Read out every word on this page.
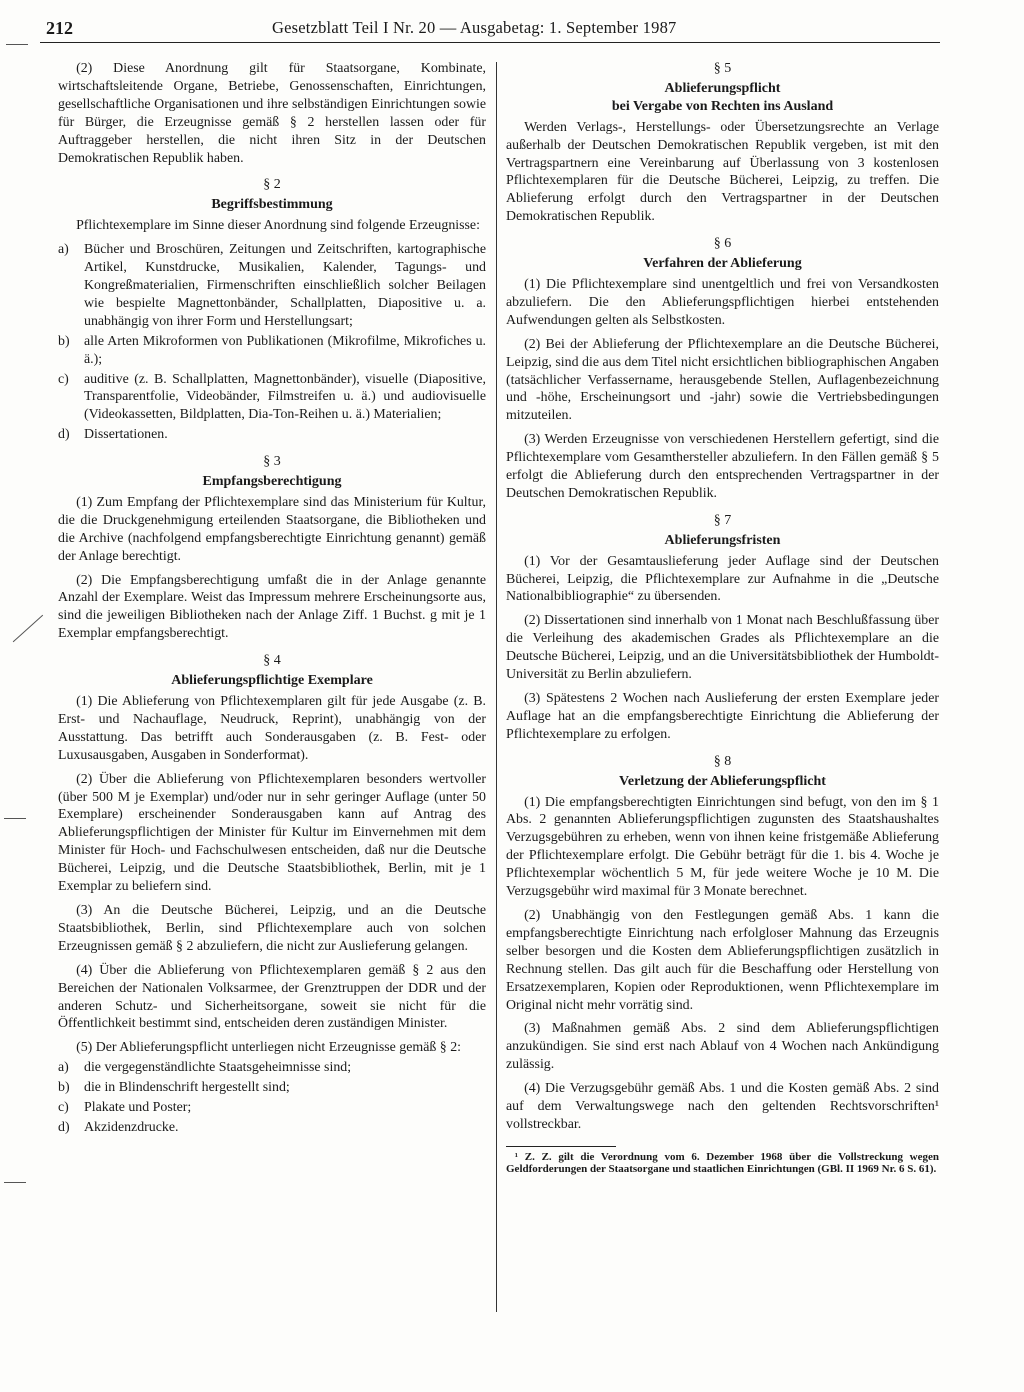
212	Gesetzblatt Teil I Nr. 20 — Ausgabetag: 1. September 1987

(2) Diese Anordnung gilt für Staatsorgane, Kombinate, wirtschaftsleitende Organe, Betriebe, Genossenschaften, Einrichtungen, gesellschaftliche Organisationen und ihre selbständigen Einrichtungen sowie für Bürger, die Erzeugnisse gemäß § 2 herstellen lassen oder für Auftraggeber herstellen, die nicht ihren Sitz in der Deutschen Demokratischen Republik haben.

§ 2
Begriffsbestimmung

Pflichtexemplare im Sinne dieser Anordnung sind folgende Erzeugnisse:

a) Bücher und Broschüren, Zeitungen und Zeitschriften, kartographische Artikel, Kunstdrucke, Musikalien, Kalender, Tagungs- und Kongreßmaterialien, Firmenschriften einschließlich solcher Beilagen wie bespielte Magnettonbänder, Schallplatten, Diapositive u. a. unabhängig von ihrer Form und Herstellungsart;
b) alle Arten Mikroformen von Publikationen (Mikrofilme, Mikrofiches u. ä.);
c) auditive (z. B. Schallplatten, Magnettonbänder), visuelle (Diapositive, Transparentfolie, Videobänder, Filmstreifen u. ä.) und audiovisuelle (Videokassetten, Bildplatten, Dia-Ton-Reihen u. ä.) Materialien;
d) Dissertationen.
§ 3
Empfangsberechtigung

(1) Zum Empfang der Pflichtexemplare sind das Ministerium für Kultur, die die Druckgenehmigung erteilenden Staatsorgane, die Bibliotheken und die Archive (nachfolgend empfangsberechtigte Einrichtung genannt) gemäß der Anlage berechtigt.

(2) Die Empfangsberechtigung umfaßt die in der Anlage genannte Anzahl der Exemplare. Weist das Impressum mehrere Erscheinungsorte aus, sind die jeweiligen Bibliotheken nach der Anlage Ziff. 1 Buchst. g mit je 1 Exemplar empfangsberechtigt.

§ 4
Ablieferungspflichtige Exemplare

(1) Die Ablieferung von Pflichtexemplaren gilt für jede Ausgabe (z. B. Erst- und Nachauflage, Neudruck, Reprint), unabhängig von der Ausstattung. Das betrifft auch Sonderausgaben (z. B. Fest- oder Luxusausgaben, Ausgaben in Sonderformat).

(2) Über die Ablieferung von Pflichtexemplaren besonders wertvoller (über 500 M je Exemplar) und/oder nur in sehr geringer Auflage (unter 50 Exemplare) erscheinender Sonderausgaben kann auf Antrag des Ablieferungspflichtigen der Minister für Kultur im Einvernehmen mit dem Minister für Hoch- und Fachschulwesen entscheiden, daß nur die Deutsche Bücherei, Leipzig, und die Deutsche Staatsbibliothek, Berlin, mit je 1 Exemplar zu beliefern sind.

(3) An die Deutsche Bücherei, Leipzig, und an die Deutsche Staatsbibliothek, Berlin, sind Pflichtexemplare auch von solchen Erzeugnissen gemäß § 2 abzuliefern, die nicht zur Auslieferung gelangen.

(4) Über die Ablieferung von Pflichtexemplaren gemäß § 2 aus den Bereichen der Nationalen Volksarmee, der Grenztruppen der DDR und der anderen Schutz- und Sicherheitsorgane, soweit sie nicht für die Öffentlichkeit bestimmt sind, entscheiden deren zuständigen Minister.

(5) Der Ablieferungspflicht unterliegen nicht Erzeugnisse gemäß § 2:

a) die vergegenständlichte Staatsgeheimnisse sind;
b) die in Blindenschrift hergestellt sind;
c) Plakate und Poster;
d) Akzidenzdrucke.
§ 5
Ablieferungspflicht
bei Vergabe von Rechten ins Ausland

Werden Verlags-, Herstellungs- oder Übersetzungsrechte an Verlage außerhalb der Deutschen Demokratischen Republik vergeben, ist mit den Vertragspartnern eine Vereinbarung auf Überlassung von 3 kostenlosen Pflichtexemplaren für die Deutsche Bücherei, Leipzig, zu treffen. Die Ablieferung erfolgt durch den Vertragspartner in der Deutschen Demokratischen Republik.

§ 6
Verfahren der Ablieferung

(1) Die Pflichtexemplare sind unentgeltlich und frei von Versandkosten abzuliefern. Die den Ablieferungspflichtigen hierbei entstehenden Aufwendungen gelten als Selbstkosten.

(2) Bei der Ablieferung der Pflichtexemplare an die Deutsche Bücherei, Leipzig, sind die aus dem Titel nicht ersichtlichen bibliographischen Angaben (tatsächlicher Verfassername, herausgebende Stellen, Auflagenbezeichnung und -höhe, Erscheinungsort und -jahr) sowie die Vertriebsbedingungen mitzuteilen.

(3) Werden Erzeugnisse von verschiedenen Herstellern gefertigt, sind die Pflichtexemplare vom Gesamthersteller abzuliefern. In den Fällen gemäß § 5 erfolgt die Ablieferung durch den entsprechenden Vertragspartner in der Deutschen Demokratischen Republik.

§ 7
Ablieferungsfristen

(1) Vor der Gesamtauslieferung jeder Auflage sind der Deutschen Bücherei, Leipzig, die Pflichtexemplare zur Aufnahme in die „Deutsche Nationalbibliographie“ zu übersenden.

(2) Dissertationen sind innerhalb von 1 Monat nach Beschlußfassung über die Verleihung des akademischen Grades als Pflichtexemplare an die Deutsche Bücherei, Leipzig, und an die Universitätsbibliothek der Humboldt-Universität zu Berlin abzuliefern.

(3) Spätestens 2 Wochen nach Auslieferung der ersten Exemplare jeder Auflage hat an die empfangsberechtigte Einrichtung die Ablieferung der Pflichtexemplare zu erfolgen.

§ 8
Verletzung der Ablieferungspflicht

(1) Die empfangsberechtigten Einrichtungen sind befugt, von den im § 1 Abs. 2 genannten Ablieferungspflichtigen zugunsten des Staatshaushaltes Verzugsgebühren zu erheben, wenn von ihnen keine fristgemäße Ablieferung der Pflichtexemplare erfolgt. Die Gebühr beträgt für die 1. bis 4. Woche je Pflichtexemplar wöchentlich 5 M, für jede weitere Woche je 10 M. Die Verzugsgebühr wird maximal für 3 Monate berechnet.

(2) Unabhängig von den Festlegungen gemäß Abs. 1 kann die empfangsberechtigte Einrichtung nach erfolgloser Mahnung das Erzeugnis selber besorgen und die Kosten dem Ablieferungspflichtigen zusätzlich in Rechnung stellen. Das gilt auch für die Beschaffung oder Herstellung von Ersatzexemplaren, Kopien oder Reproduktionen, wenn Pflichtexemplare im Original nicht mehr vorrätig sind.

(3) Maßnahmen gemäß Abs. 2 sind dem Ablieferungspflichtigen anzukündigen. Sie sind erst nach Ablauf von 4 Wochen nach Ankündigung zulässig.

(4) Die Verzugsgebühr gemäß Abs. 1 und die Kosten gemäß Abs. 2 sind auf dem Verwaltungswege nach den geltenden Rechtsvorschriften¹ vollstreckbar.

¹ Z. Z. gilt die Verordnung vom 6. Dezember 1968 über die Vollstreckung wegen Geldforderungen der Staatsorgane und staatlichen Einrichtungen (GBl. II 1969 Nr. 6 S. 61).
